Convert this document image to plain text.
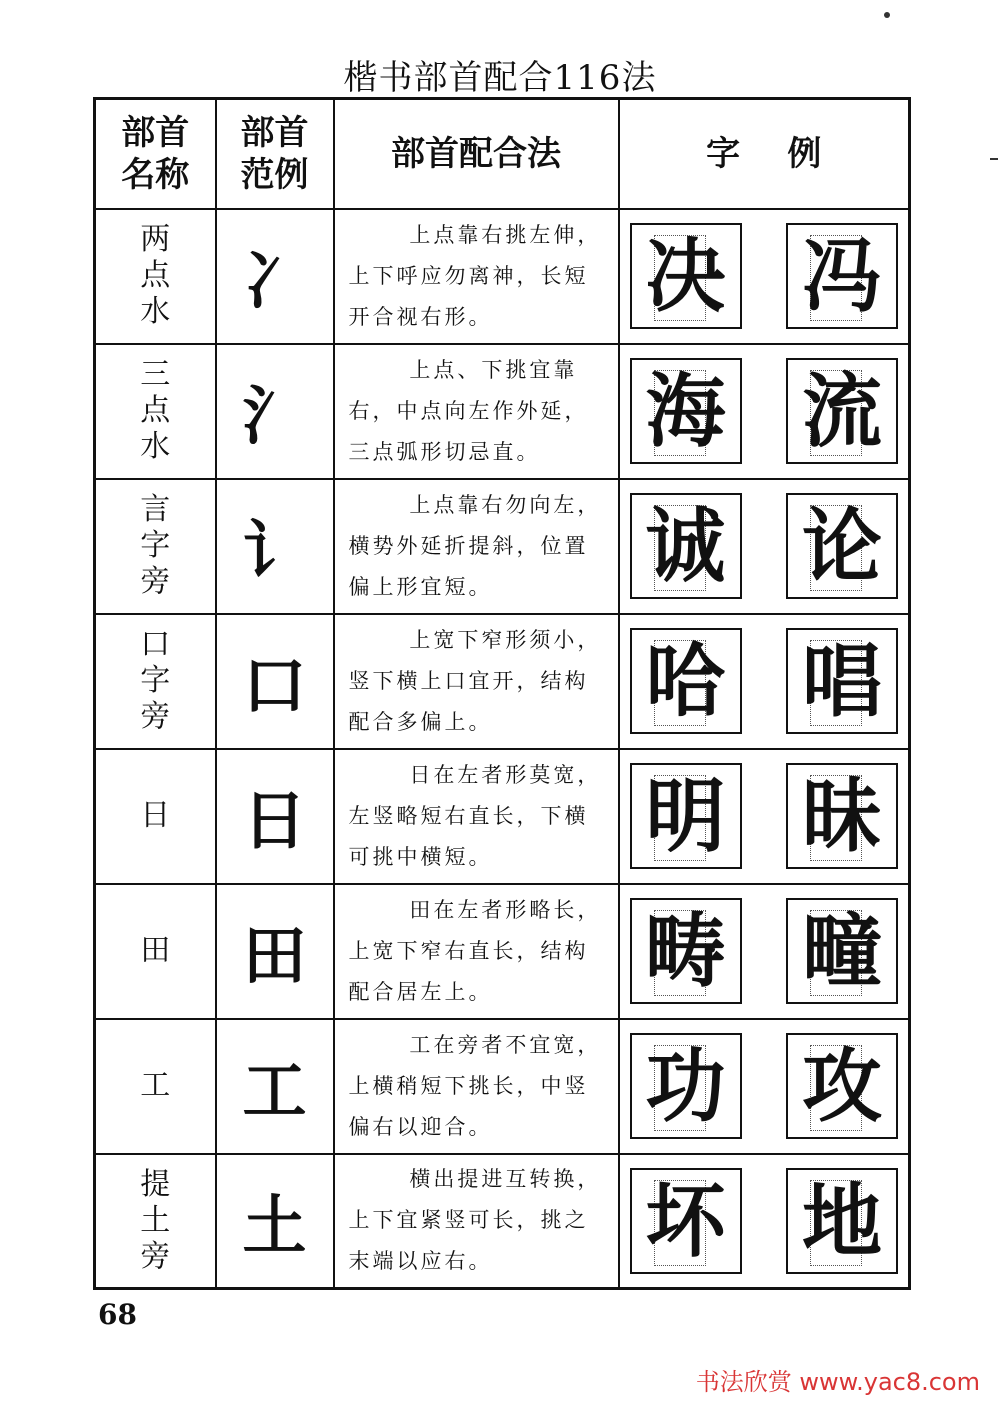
楷书部首配合116法
部首名称	部首范例	部首配合法	字    例

两点水	冫	上点靠右挑左伸，上下呼应勿离神，长短开合视右形。	决 冯

三点水	氵	上点、下挑宜靠右，中点向左作外延，三点弧形切忌直。	海 流

言字旁	讠	上点靠右勿向左，横势外延折提斜，位置偏上形宜短。	诚 论

口字旁	口	上宽下窄形须小，竖下横上口宜开，结构配合多偏上。	哈 唱

日	日	日在左者形莫宽，左竖略短右直长，下横可挑中横短。	明 昧

田	田	田在左者形略长，上宽下窄右直长，结构配合居左上。	畴 疃

工	工	工在旁者不宜宽，上横稍短下挑长，中竖偏右以迎合。	功 攻

提土旁	土	横出提进互转换，上下宜紧竖可长，挑之末端以应右。	坏 地
68
书法欣赏 www.yac8.com
